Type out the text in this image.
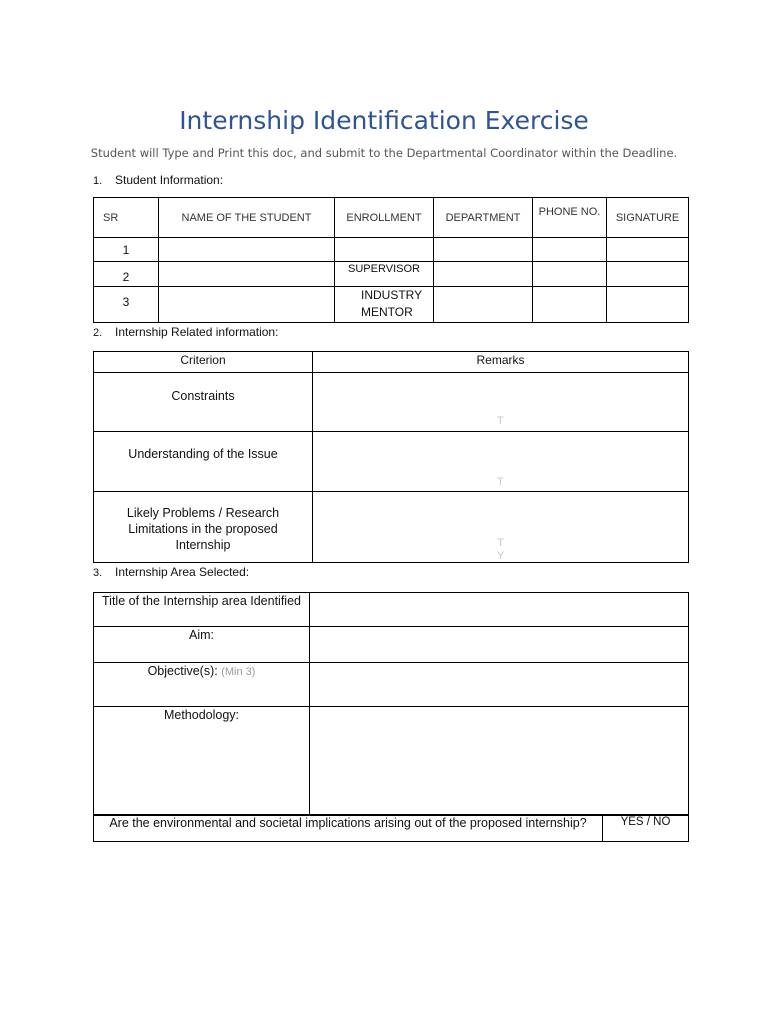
Internship Identification Exercise
Student will Type and Print this doc, and submit to the Departmental Coordinator within the Deadline.
1. Student Information:
SR	NAME OF THE STUDENT	ENROLLMENT	DEPARTMENT	PHONE NO.	SIGNATURE
1					
2		SUPERVISOR			
3		INDUSTRY MENTOR			
2. Internship Related information:
Criterion	Remarks
Constraints	T

Understanding of the Issue	T

Likely Problems / Research Limitations in the proposed Internship	T
Y
3. Internship Area Selected:
Title of the Internship area Identified	
Aim:	
Objective(s): (Min 3)	
Methodology:	
Are the environmental and societal implications arising out of the proposed internship?	YES / NO
